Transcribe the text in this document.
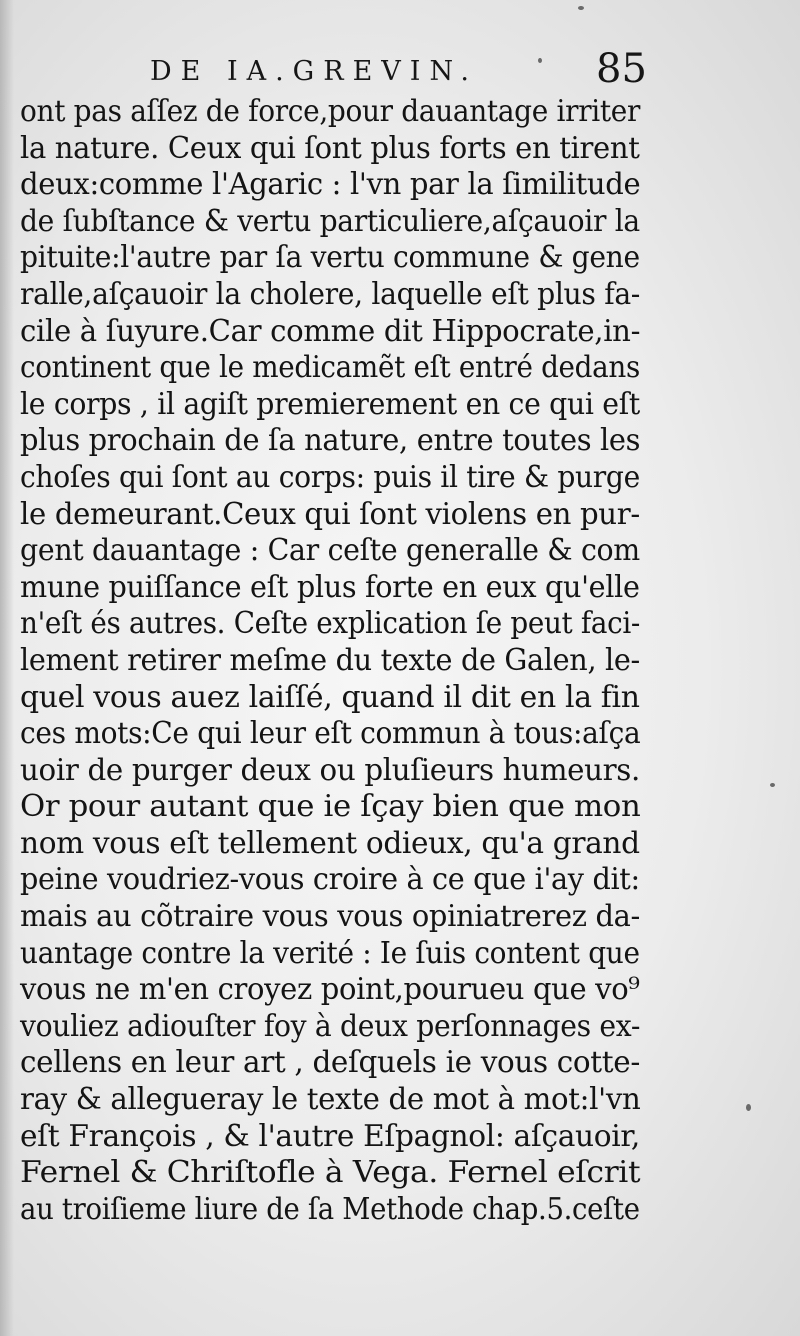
DE IA.GREVIN.	85
ont pas aſſez de force,pour dauantage irriter
la nature. Ceux qui ſont plus forts en tirent
deux:comme l'Agaric : l'vn par la ſimilitude
de ſubſtance & vertu particuliere,aſçauoir la
pituite:l'autre par ſa vertu commune & gene
ralle,aſçauoir la cholere, laquelle eſt plus fa-
cile à ſuyure.Car comme dit Hippocrate,in-
continent que le medicamẽt eſt entré dedans
le corps , il agiſt premierement en ce qui eſt
plus prochain de ſa nature, entre toutes les
choſes qui ſont au corps: puis il tire & purge
le demeurant.Ceux qui ſont violens en pur-
gent dauantage : Car ceſte generalle & com
mune puiſſance eſt plus forte en eux qu'elle
n'eſt és autres. Ceſte explication ſe peut faci-
lement retirer meſme du texte de Galen, le-
quel vous auez laiſſé, quand il dit en la fin
ces mots:Ce qui leur eſt commun à tous:aſça
uoir de purger deux ou pluſieurs humeurs.
Or pour autant que ie ſçay bien que mon
nom vous eſt tellement odieux, qu'a grand
peine voudriez-vous croire à ce que i'ay dit:
mais au cõtraire vous vous opiniatrerez da-
uantage contre la verité : Ie ſuis content que
vous ne m'en croyez point,pourueu que vo⁹
vouliez adiouſter foy à deux perſonnages ex-
cellens en leur art , deſquels ie vous cotte-
ray & allegueray le texte de mot à mot:l'vn
eſt François , & l'autre Eſpagnol: aſçauoir,
Fernel & Chriſtofle à Vega. Fernel eſcrit
au troiſieme liure de ſa Methode chap.5.ceſte
